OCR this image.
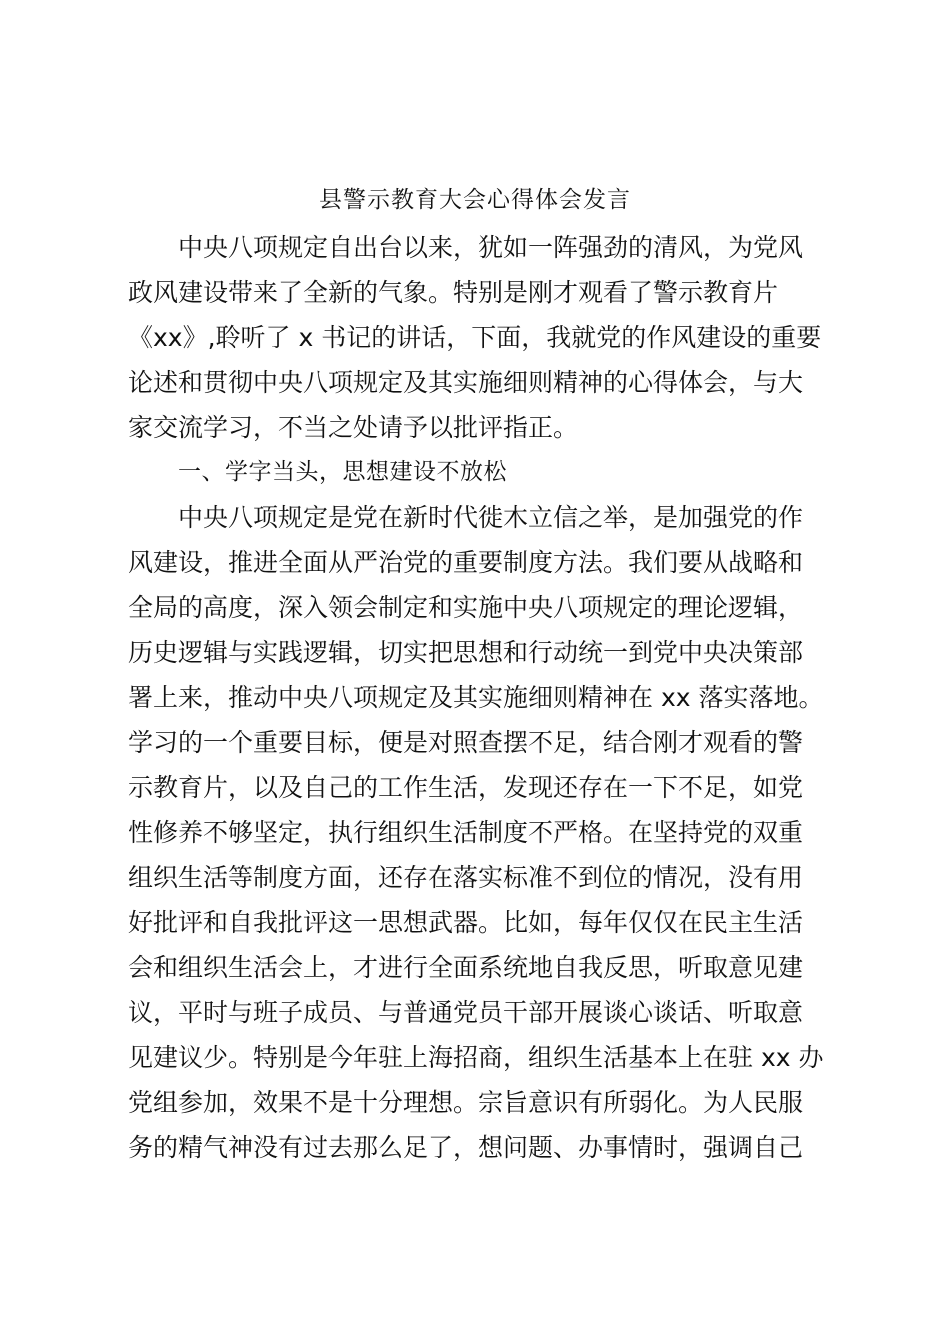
县警示教育大会心得体会发言
中央八项规定自出台以来，犹如一阵强劲的清风，为党风
政风建设带来了全新的气象。特别是刚才观看了警示教育片
《xx》,聆听了 x 书记的讲话，下面，我就党的作风建设的重要
论述和贯彻中央八项规定及其实施细则精神的心得体会，与大
家交流学习，不当之处请予以批评指正。
一、学字当头，思想建设不放松
中央八项规定是党在新时代徙木立信之举，是加强党的作
风建设，推进全面从严治党的重要制度方法。我们要从战略和
全局的高度，深入领会制定和实施中央八项规定的理论逻辑，
历史逻辑与实践逻辑，切实把思想和行动统一到党中央决策部
署上来，推动中央八项规定及其实施细则精神在 xx 落实落地。
学习的一个重要目标，便是对照查摆不足，结合刚才观看的警
示教育片，以及自己的工作生活，发现还存在一下不足，如党
性修养不够坚定，执行组织生活制度不严格。在坚持党的双重
组织生活等制度方面，还存在落实标准不到位的情况，没有用
好批评和自我批评这一思想武器。比如，每年仅仅在民主生活
会和组织生活会上，才进行全面系统地自我反思，听取意见建
议，平时与班子成员、与普通党员干部开展谈心谈话、听取意
见建议少。特别是今年驻上海招商，组织生活基本上在驻 xx 办
党组参加，效果不是十分理想。宗旨意识有所弱化。为人民服
务的精气神没有过去那么足了，想问题、办事情时，强调自己
